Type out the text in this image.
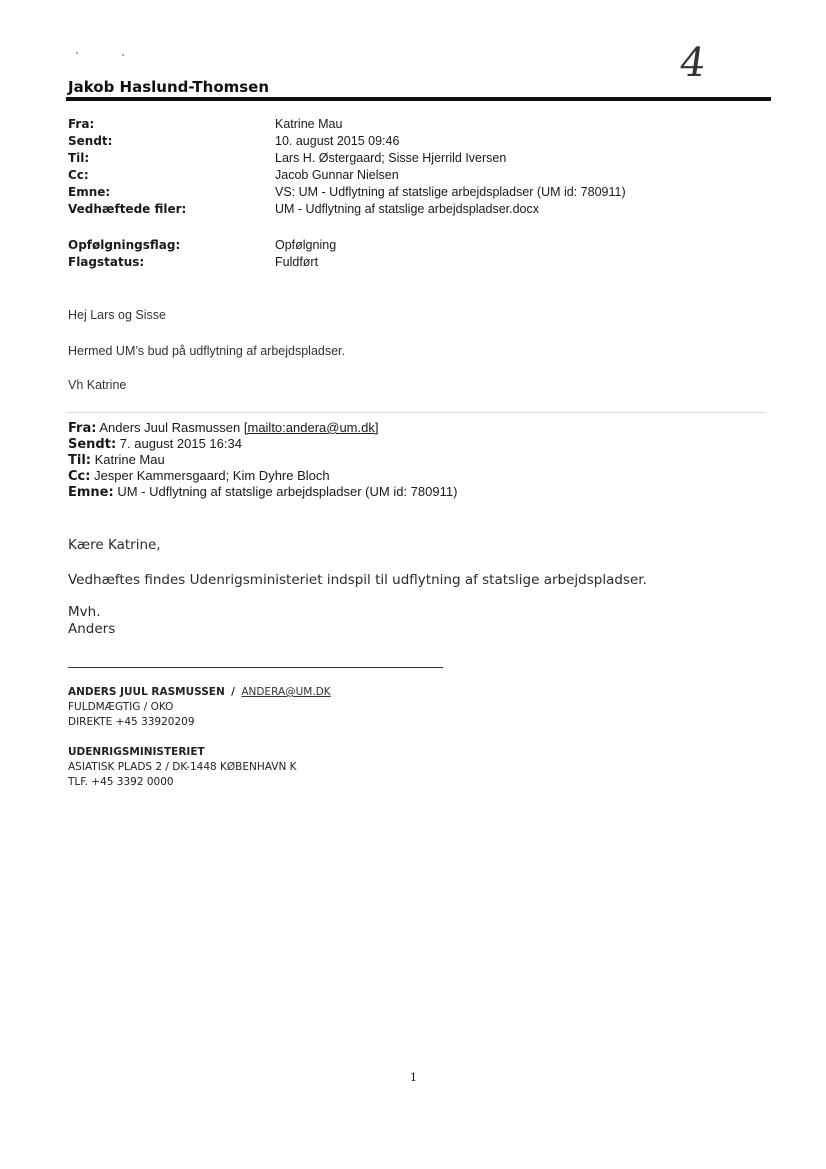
4
Jakob Haslund-Thomsen
Fra:	Katrine Mau
Sendt:	10. august 2015 09:46
Til:	Lars H. Østergaard; Sisse Hjerrild Iversen
Cc:	Jacob Gunnar Nielsen
Emne:	VS: UM - Udflytning af statslige arbejdspladser (UM id: 780911)
Vedhæftede filer:	UM - Udflytning af statslige arbejdspladser.docx
Opfølgningsflag:	Opfølgning
Flagstatus:	Fuldført
Hej Lars og Sisse
Hermed UM’s bud på udflytning af arbejdspladser.
Vh Katrine
Fra: Anders Juul Rasmussen [mailto:andera@um.dk]
Sendt: 7. august 2015 16:34
Til: Katrine Mau
Cc: Jesper Kammersgaard; Kim Dyhre Bloch
Emne: UM - Udflytning af statslige arbejdspladser (UM id: 780911)
Kære Katrine,
Vedhæftes findes Udenrigsministeriet indspil til udflytning af statslige arbejdspladser.
Mvh.
Anders
ANDERS JUUL RASMUSSEN / ANDERA@UM.DK
FULDMÆGTIG / OKO
DIREKTE +45 33920209
UDENRIGSMINISTERIET
ASIATISK PLADS 2 / DK-1448 KØBENHAVN K
TLF. +45 3392 0000
1
